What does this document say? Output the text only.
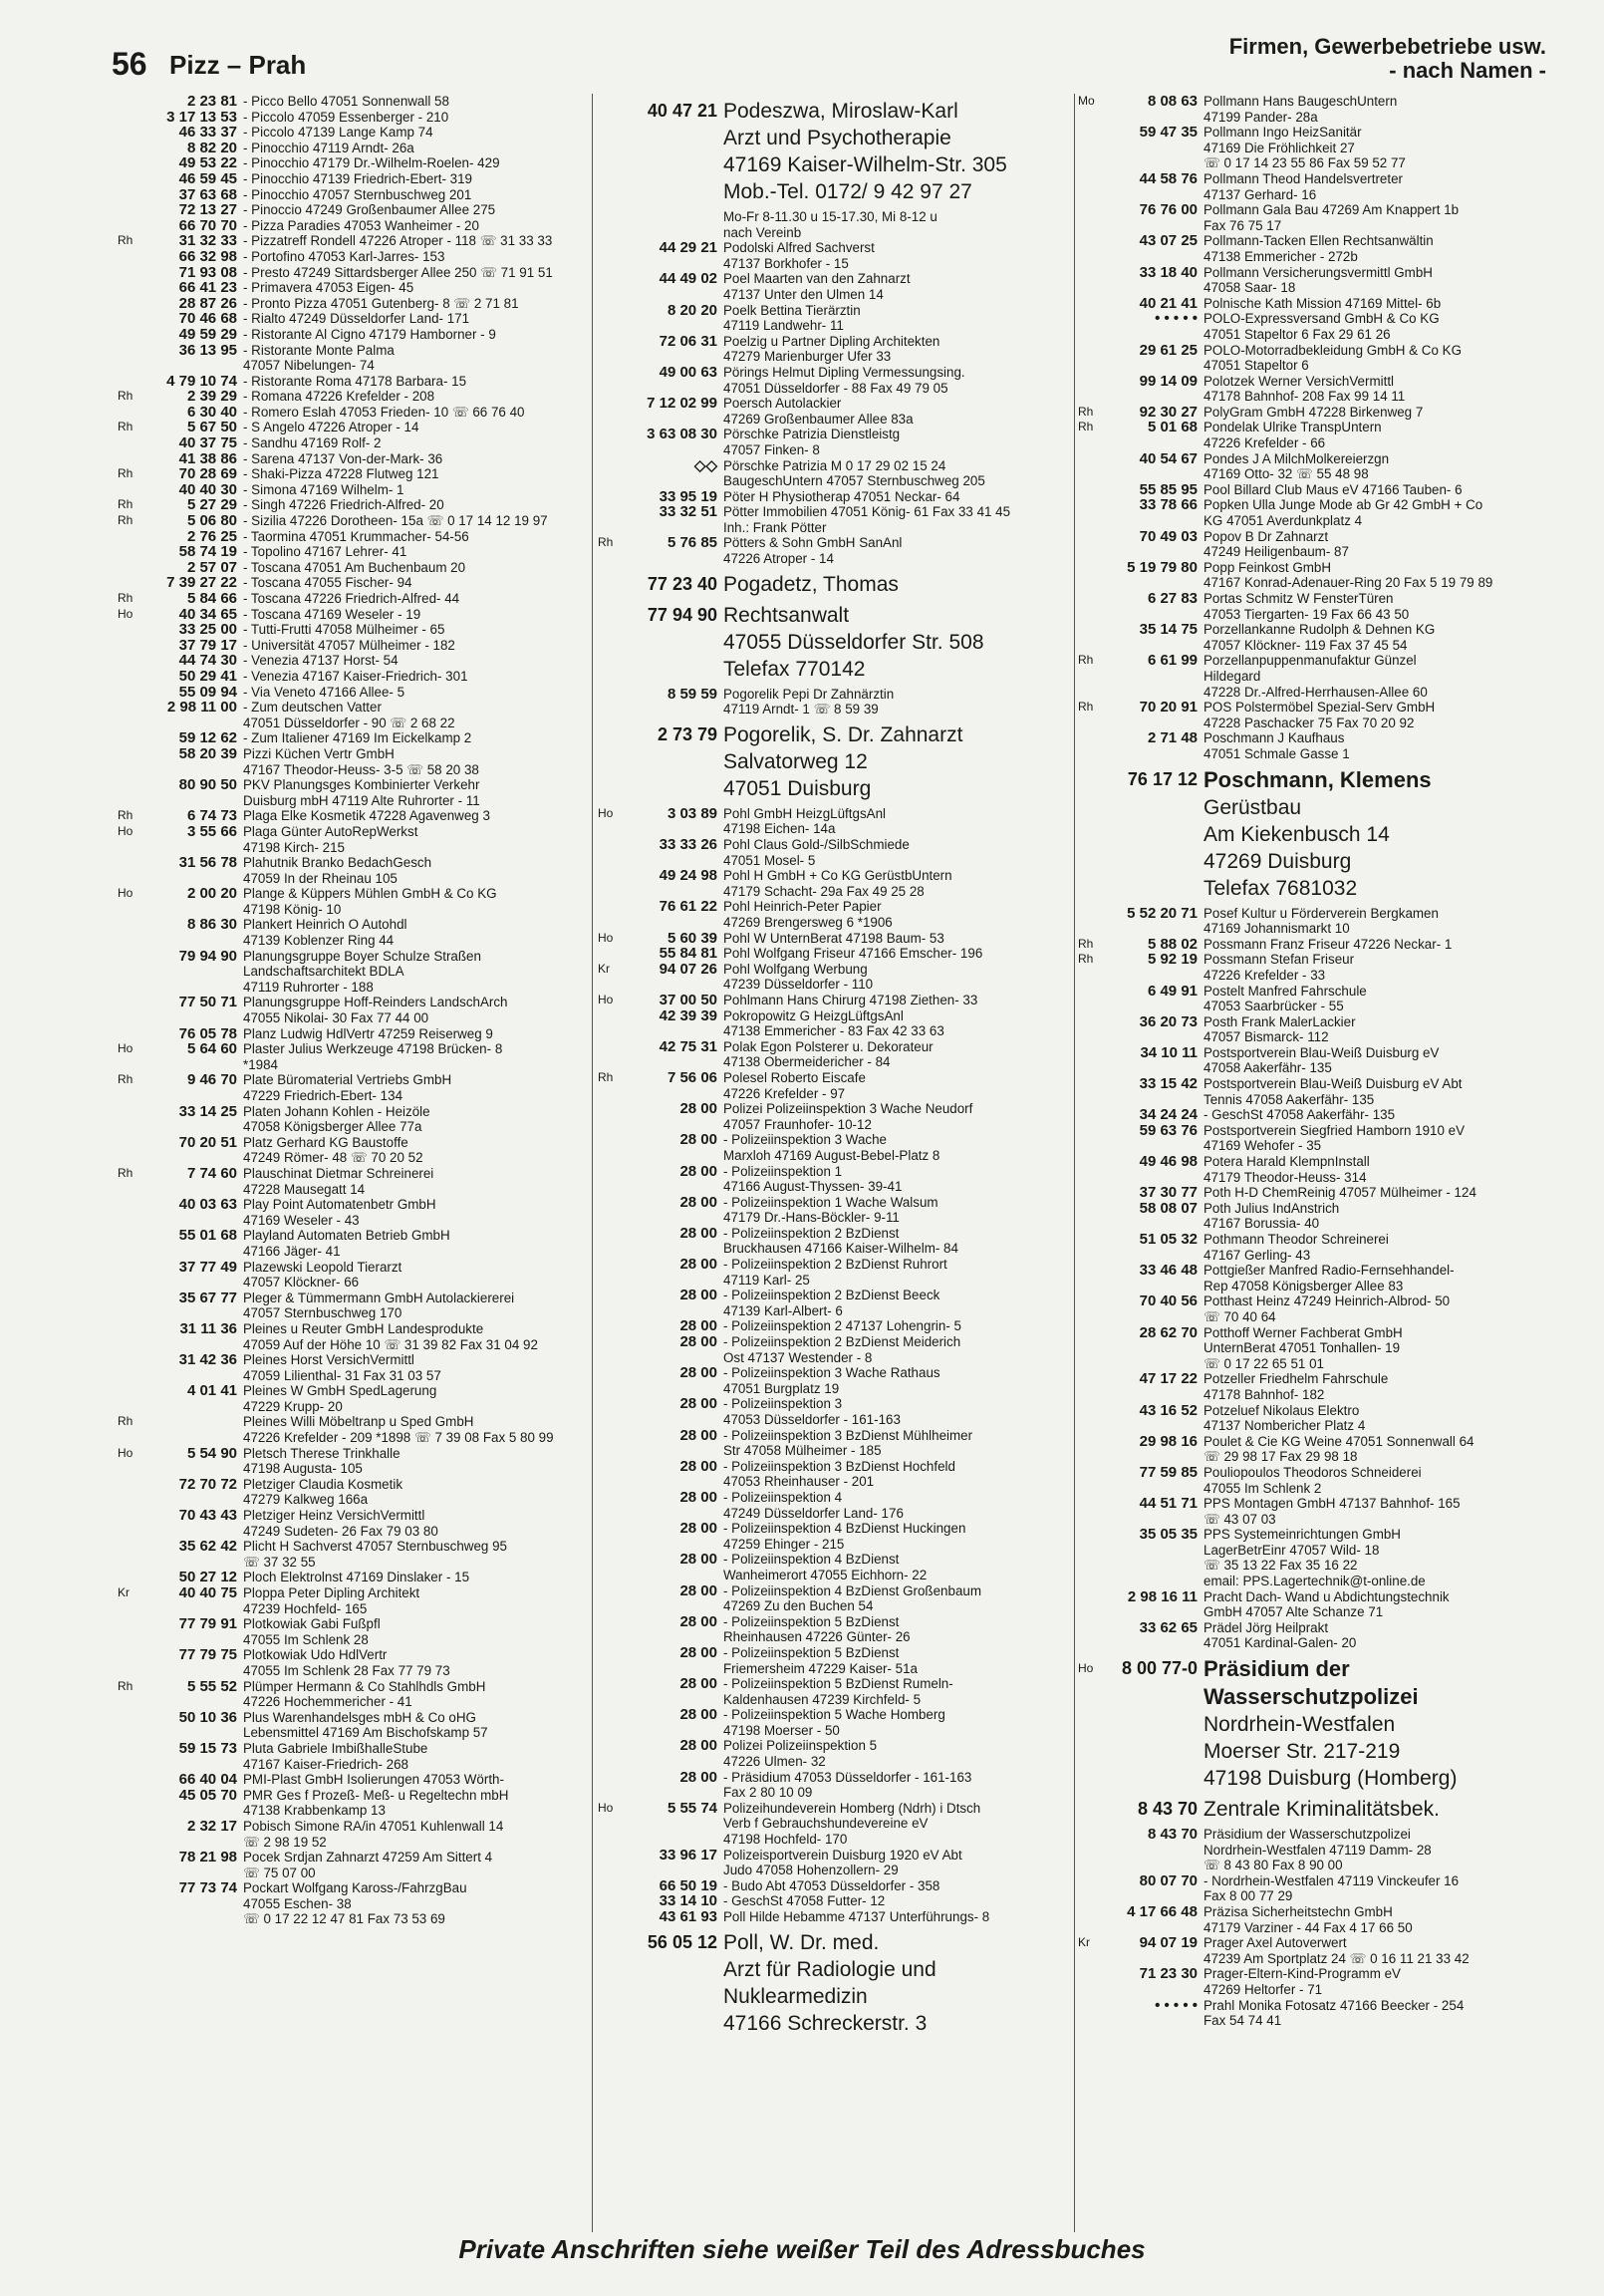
56 Pizz – Prah
Firmen, Gewerbebetriebe usw.
- nach Namen -
2 23 81 - Picco Bello 47051 Sonnenwall 58
3 17 13 53 - Piccolo 47059 Essenberger - 210
46 33 37 - Piccolo 47139 Lange Kamp 74
8 82 20 - Pinocchio 47119 Arndt- 26a
49 53 22 - Pinocchio 47179 Dr.-Wilhelm-Roelen- 429
46 59 45 - Pinocchio 47139 Friedrich-Ebert- 319
37 63 68 - Pinocchio 47057 Sternbuschweg 201
72 13 27 - Pinoccio 47249 Großenbaumer Allee 275
66 70 70 - Pizza Paradies 47053 Wanheimer - 20
Rh	31 32 33 - Pizzatreff Rondell 47226 Atroper - 118 ☏ 31 33 33
66 32 98 - Portofino 47053 Karl-Jarres- 153
71 93 08 - Presto 47249 Sittardsberger Allee 250 ☏ 71 91 51
66 41 23 - Primavera 47053 Eigen- 45
28 87 26 - Pronto Pizza 47051 Gutenberg- 8 ☏ 2 71 81
70 46 68 - Rialto 47249 Düsseldorfer Land- 171
49 59 29 - Ristorante Al Cigno 47179 Hamborner - 9
36 13 95 - Ristorante Monte Palma
47057 Nibelungen- 74
4 79 10 74 - Ristorante Roma 47178 Barbara- 15
Rh	2 39 29 - Romana 47226 Krefelder - 208
6 30 40 - Romero Eslah 47053 Frieden- 10 ☏ 66 76 40
Rh	5 67 50 - S Angelo 47226 Atroper - 14
40 37 75 - Sandhu 47169 Rolf- 2
41 38 86 - Sarena 47137 Von-der-Mark- 36
Rh	70 28 69 - Shaki-Pizza 47228 Flutweg 121
40 40 30 - Simona 47169 Wilhelm- 1
Rh	5 27 29 - Singh 47226 Friedrich-Alfred- 20
Rh	5 06 80 - Sizilia 47226 Dorotheen- 15a ☏ 0 17 14 12 19 97
2 76 25 - Taormina 47051 Krummacher- 54-56
58 74 19 - Topolino 47167 Lehrer- 41
2 57 07 - Toscana 47051 Am Buchenbaum 20
7 39 27 22 - Toscana 47055 Fischer- 94
Rh	5 84 66 - Toscana 47226 Friedrich-Alfred- 44
Ho	40 34 65 - Toscana 47169 Weseler - 19
33 25 00 - Tutti-Frutti 47058 Mülheimer - 65
37 79 17 - Universität 47057 Mülheimer - 182
44 74 30 - Venezia 47137 Horst- 54
50 29 41 - Venezia 47167 Kaiser-Friedrich- 301
55 09 94 - Via Veneto 47166 Allee- 5
2 98 11 00 - Zum deutschen Vatter
47051 Düsseldorfer - 90 ☏ 2 68 22
59 12 62 - Zum Italiener 47169 Im Eickelkamp 2
58 20 39 Pizzi Küchen Vertr GmbH
47167 Theodor-Heuss- 3-5 ☏ 58 20 38
80 90 50 PKV Planungsges Kombinierter Verkehr
Duisburg mbH 47119 Alte Ruhrorter - 11
Rh	6 74 73 Plaga Elke Kosmetik 47228 Agavenweg 3
Ho	3 55 66 Plaga Günter AutoRepWerkst
47198 Kirch- 215
31 56 78 Plahutnik Branko BedachGesch
47059 In der Rheinau 105
Ho	2 00 20 Plange & Küppers Mühlen GmbH & Co KG
47198 König- 10
8 86 30 Plankert Heinrich O Autohdl
47139 Koblenzer Ring 44
79 94 90 Planungsgruppe Boyer Schulze Straßen
Landschaftsarchitekt BDLA
47119 Ruhrorter - 188
77 50 71 Planungsgruppe Hoff-Reinders LandschArch
47055 Nikolai- 30 Fax 77 44 00
76 05 78 Planz Ludwig HdlVertr 47259 Reiserweg 9
Ho	5 64 60 Plaster Julius Werkzeuge 47198 Brücken- 8
*1984
Rh	9 46 70 Plate Büromaterial Vertriebs GmbH
47229 Friedrich-Ebert- 134
33 14 25 Platen Johann Kohlen - Heizöle
47058 Königsberger Allee 77a
70 20 51 Platz Gerhard KG Baustoffe
47249 Römer- 48 ☏ 70 20 52
Rh	7 74 60 Plauschinat Dietmar Schreinerei
47228 Mausegatt 14
40 03 63 Play Point Automatenbetr GmbH
47169 Weseler - 43
55 01 68 Playland Automaten Betrieb GmbH
47166 Jäger- 41
37 77 49 Plazewski Leopold Tierarzt
47057 Klöckner- 66
35 67 77 Pleger & Tümmermann GmbH Autolackiererei
47057 Sternbuschweg 170
31 11 36 Pleines u Reuter GmbH Landesprodukte
47059 Auf der Höhe 10 ☏ 31 39 82 Fax 31 04 92
31 42 36 Pleines Horst VersichVermittl
47059 Lilienthal- 31 Fax 31 03 57
4 01 41 Pleines W GmbH SpedLagerung
47229 Krupp- 20
Rh	Pleines Willi Möbeltranp u Sped GmbH
47226 Krefelder - 209 *1898 ☏ 7 39 08 Fax 5 80 99
Ho	5 54 90 Pletsch Therese Trinkhalle
47198 Augusta- 105
72 70 72 Pletziger Claudia Kosmetik
47279 Kalkweg 166a
70 43 43 Pletziger Heinz VersichVermittl
47249 Sudeten- 26 Fax 79 03 80
35 62 42 Plicht H Sachverst 47057 Sternbuschweg 95
☏ 37 32 55
50 27 12 Ploch Elektrolnst 47169 Dinslaker - 15
Kr	40 40 75 Ploppa Peter Dipling Architekt
47239 Hochfeld- 165
77 79 91 Plotkowiak Gabi Fußpfl
47055 Im Schlenk 28
77 79 75 Plotkowiak Udo HdlVertr
47055 Im Schlenk 28 Fax 77 79 73
Rh	5 55 52 Plümper Hermann & Co Stahlhdls GmbH
47226 Hochemmericher - 41
50 10 36 Plus Warenhandelsges mbH & Co oHG
Lebensmittel 47169 Am Bischofskamp 57
59 15 73 Pluta Gabriele ImbißhalleStube
47167 Kaiser-Friedrich- 268
66 40 04 PMI-Plast GmbH Isolierungen 47053 Wörth-
45 05 70 PMR Ges f Prozeß- Meß- u Regeltechn mbH
47138 Krabbenkamp 13
2 32 17 Pobisch Simone RA/in 47051 Kuhlenwall 14
☏ 2 98 19 52
78 21 98 Pocek Srdjan Zahnarzt 47259 Am Sittert 4
☏ 75 07 00
77 73 74 Pockart Wolfgang Kaross-/FahrzgBau
47055 Eschen- 38
☏ 0 17 22 12 47 81 Fax 73 53 69
40 47 21 Podeszwa, Miroslaw-Karl
Arzt und Psychotherapie
47169 Kaiser-Wilhelm-Str. 305
Mob.-Tel. 0172/ 9 42 97 27
Mo-Fr 8-11.30 u 15-17.30, Mi 8-12 u
nach Vereinb
44 29 21 Podolski Alfred Sachverst
47137 Borkhofer - 15
44 49 02 Poel Maarten van den Zahnarzt
47137 Unter den Ulmen 14
8 20 20 Poelk Bettina Tierärztin
47119 Landwehr- 11
72 06 31 Poelzig u Partner Dipling Architekten
47279 Marienburger Ufer 33
49 00 63 Pörings Helmut Dipling Vermessungsing.
47051 Düsseldorfer - 88 Fax 49 79 05
7 12 02 99 Poersch Autolackier
47269 Großenbaumer Allee 83a
3 63 08 30 Pörschke Patrizia Dienstleistg
47057 Finken- 8
◇◇ Pörschke Patrizia M 0 17 29 02 15 24
BaugeschUntern 47057 Sternbuschweg 205
33 95 19 Pöter H Physiotherap 47051 Neckar- 64
33 32 51 Pötter Immobilien 47051 König- 61 Fax 33 41 45
Inh.: Frank Pötter
Rh	5 76 85 Pötters & Sohn GmbH SanAnl
47226 Atroper - 14
77 23 40 Pogadetz, Thomas
77 94 90 Rechtsanwalt
47055 Düsseldorfer Str. 508
Telefax 770142
8 59 59 Pogorelik Pepi Dr Zahnärztin
47119 Arndt- 1 ☏ 8 59 39
2 73 79 Pogorelik, S. Dr. Zahnarzt
Salvatorweg 12
47051 Duisburg
Ho	3 03 89 Pohl GmbH HeizgLüftgsAnl
47198 Eichen- 14a
33 33 26 Pohl Claus Gold-/SilbSchmiede
47051 Mosel- 5
49 24 98 Pohl H GmbH + Co KG GerüstbUntern
47179 Schacht- 29a Fax 49 25 28
76 61 22 Pohl Heinrich-Peter Papier
47269 Brengersweg 6 *1906
Ho	5 60 39 Pohl W UnternBerat 47198 Baum- 53
55 84 81 Pohl Wolfgang Friseur 47166 Emscher- 196
Kr	94 07 26 Pohl Wolfgang Werbung
47239 Düsseldorfer - 110
Ho	37 00 50 Pohlmann Hans Chirurg 47198 Ziethen- 33
42 39 39 Pokropowitz G HeizgLüftgsAnl
47138 Emmericher - 83 Fax 42 33 63
42 75 31 Polak Egon Polsterer u. Dekorateur
47138 Obermeidericher - 84
Rh	7 56 06 Polesel Roberto Eiscafe
47226 Krefelder - 97
28 00 Polizei Polizeiinspektion 3 Wache Neudorf
47057 Fraunhofer- 10-12
28 00 - Polizeiinspektion 3 Wache
Marxloh 47169 August-Bebel-Platz 8
28 00 - Polizeiinspektion 1
47166 August-Thyssen- 39-41
28 00 - Polizeiinspektion 1 Wache Walsum
47179 Dr.-Hans-Böckler- 9-11
28 00 - Polizeiinspektion 2 BzDienst
Bruckhausen 47166 Kaiser-Wilhelm- 84
28 00 - Polizeiinspektion 2 BzDienst Ruhrort
47119 Karl- 25
28 00 - Polizeiinspektion 2 BzDienst Beeck
47139 Karl-Albert- 6
28 00 - Polizeiinspektion 2 47137 Lohengrin- 5
28 00 - Polizeiinspektion 2 BzDienst Meiderich
Ost 47137 Westender - 8
28 00 - Polizeiinspektion 3 Wache Rathaus
47051 Burgplatz 19
28 00 - Polizeiinspektion 3
47053 Düsseldorfer - 161-163
28 00 - Polizeiinspektion 3 BzDienst Mühlheimer
Str 47058 Mülheimer - 185
28 00 - Polizeiinspektion 3 BzDienst Hochfeld
47053 Rheinhauser - 201
28 00 - Polizeiinspektion 4
47249 Düsseldorfer Land- 176
28 00 - Polizeiinspektion 4 BzDienst Huckingen
47259 Ehinger - 215
28 00 - Polizeiinspektion 4 BzDienst
Wanheimerort 47055 Eichhorn- 22
28 00 - Polizeiinspektion 4 BzDienst Großenbaum
47269 Zu den Buchen 54
28 00 - Polizeiinspektion 5 BzDienst
Rheinhausen 47226 Günter- 26
28 00 - Polizeiinspektion 5 BzDienst
Friemersheim 47229 Kaiser- 51a
28 00 - Polizeiinspektion 5 BzDienst Rumeln-
Kaldenhausen 47239 Kirchfeld- 5
28 00 - Polizeiinspektion 5 Wache Homberg
47198 Moerser - 50
28 00 Polizei Polizeiinspektion 5
47226 Ulmen- 32
28 00 - Präsidium 47053 Düsseldorfer - 161-163
Fax 2 80 10 09
Ho	5 55 74 Polizeihundeverein Homberg (Ndrh) i Dtsch
Verb f Gebrauchshundevereine eV
47198 Hochfeld- 170
33 96 17 Polizeisportverein Duisburg 1920 eV Abt
Judo 47058 Hohenzollern- 29
66 50 19 - Budo Abt 47053 Düsseldorfer - 358
33 14 10 - GeschSt 47058 Futter- 12
43 61 93 Poll Hilde Hebamme 47137 Unterführungs- 8
56 05 12 Poll, W. Dr. med.
Arzt für Radiologie und
Nuklearmedizin
47166 Schreckerstr. 3
Mo	8 08 63 Pollmann Hans BaugeschUntern
47199 Pander- 28a
59 47 35 Pollmann Ingo HeizSanitär
47169 Die Fröhlichkeit 27
☏ 0 17 14 23 55 86 Fax 59 52 77
44 58 76 Pollmann Theod Handelsvertreter
47137 Gerhard- 16
76 76 00 Pollmann Gala Bau 47269 Am Knappert 1b
Fax 76 75 17
43 07 25 Pollmann-Tacken Ellen Rechtsanwältin
47138 Emmericher - 272b
33 18 40 Pollmann Versicherungsvermittl GmbH
47058 Saar- 18
40 21 41 Polnische Kath Mission 47169 Mittel- 6b
• • • • • POLO-Expressversand GmbH & Co KG
47051 Stapeltor 6 Fax 29 61 26
29 61 25 POLO-Motorradbekleidung GmbH & Co KG
47051 Stapeltor 6
99 14 09 Polotzek Werner VersichVermittl
47178 Bahnhof- 208 Fax 99 14 11
Rh	92 30 27 PolyGram GmbH 47228 Birkenweg 7
Rh	5 01 68 Pondelak Ulrike TranspUntern
47226 Krefelder - 66
40 54 67 Pondes J A MilchMolkereierzgn
47169 Otto- 32 ☏ 55 48 98
55 85 95 Pool Billard Club Maus eV 47166 Tauben- 6
33 78 66 Popken Ulla Junge Mode ab Gr 42 GmbH + Co
KG 47051 Averdunkplatz 4
70 49 03 Popov B Dr Zahnarzt
47249 Heiligenbaum- 87
5 19 79 80 Popp Feinkost GmbH
47167 Konrad-Adenauer-Ring 20 Fax 5 19 79 89
6 27 83 Portas Schmitz W FensterTüren
47053 Tiergarten- 19 Fax 66 43 50
35 14 75 Porzellankanne Rudolph & Dehnen KG
47057 Klöckner- 119 Fax 37 45 54
Rh	6 61 99 Porzellanpuppenmanufaktur Günzel
Hildegard
47228 Dr.-Alfred-Herrhausen-Allee 60
Rh	70 20 91 POS Polstermöbel Spezial-Serv GmbH
47228 Paschacker 75 Fax 70 20 92
2 71 48 Poschmann J Kaufhaus
47051 Schmale Gasse 1
76 17 12 Poschmann, Klemens
Gerüstbau
Am Kiekenbusch 14
47269 Duisburg
Telefax 7681032
5 52 20 71 Posef Kultur u Förderverein Bergkamen
47169 Johannismarkt 10
Rh	5 88 02 Possmann Franz Friseur 47226 Neckar- 1
Rh	5 92 19 Possmann Stefan Friseur
47226 Krefelder - 33
6 49 91 Postelt Manfred Fahrschule
47053 Saarbrücker - 55
36 20 73 Posth Frank MalerLackier
47057 Bismarck- 112
34 10 11 Postsportverein Blau-Weiß Duisburg eV
47058 Aakerfähr- 135
33 15 42 Postsportverein Blau-Weiß Duisburg eV Abt
Tennis 47058 Aakerfähr- 135
34 24 24 - GeschSt 47058 Aakerfähr- 135
59 63 76 Postsportverein Siegfried Hamborn 1910 eV
47169 Wehofer - 35
49 46 98 Potera Harald KlempnInstall
47179 Theodor-Heuss- 314
37 30 77 Poth H-D ChemReinig 47057 Mülheimer - 124
58 08 07 Poth Julius IndAnstrich
47167 Borussia- 40
51 05 32 Pothmann Theodor Schreinerei
47167 Gerling- 43
33 46 48 Pottgießer Manfred Radio-Fernsehhandel-
Rep 47058 Königsberger Allee 83
70 40 56 Potthast Heinz 47249 Heinrich-Albrod- 50
☏ 70 40 64
28 62 70 Potthoff Werner Fachberat GmbH
UnternBerat 47051 Tonhallen- 19
☏ 0 17 22 65 51 01
47 17 22 Potzeller Friedhelm Fahrschule
47178 Bahnhof- 182
43 16 52 Potzeluef Nikolaus Elektro
47137 Nombericher Platz 4
29 98 16 Poulet & Cie KG Weine 47051 Sonnenwall 64
☏ 29 98 17 Fax 29 98 18
77 59 85 Pouliopoulos Theodoros Schneiderei
47055 Im Schlenk 2
44 51 71 PPS Montagen GmbH 47137 Bahnhof- 165
☏ 43 07 03
35 05 35 PPS Systemeinrichtungen GmbH
LagerBetrEinr 47057 Wild- 18
☏ 35 13 22 Fax 35 16 22
email: PPS.Lagertechnik@t-online.de
2 98 16 11 Pracht Dach- Wand u Abdichtungstechnik
GmbH 47057 Alte Schanze 71
33 62 65 Prädel Jörg Heilprakt
47051 Kardinal-Galen- 20
Ho	8 00 77-0 Präsidium der
Wasserschutzpolizei
Nordrhein-Westfalen
Moerser Str. 217-219
47198 Duisburg (Homberg)
8 43 70 Zentrale Kriminalitätsbek.
8 43 70 Präsidium der Wasserschutzpolizei
Nordrhein-Westfalen 47119 Damm- 28
☏ 8 43 80 Fax 8 90 00
80 07 70 - Nordrhein-Westfalen 47119 Vinckeufer 16
Fax 8 00 77 29
4 17 66 48 Präzisa Sicherheitstechn GmbH
47179 Varziner - 44 Fax 4 17 66 50
Kr	94 07 19 Prager Axel Autoverwert
47239 Am Sportplatz 24 ☏ 0 16 11 21 33 42
71 23 30 Prager-Eltern-Kind-Programm eV
47269 Heltorfer - 71
• • • • • Prahl Monika Fotosatz 47166 Beecker - 254
Fax 54 74 41
Private Anschriften siehe weißer Teil des Adressbuches
